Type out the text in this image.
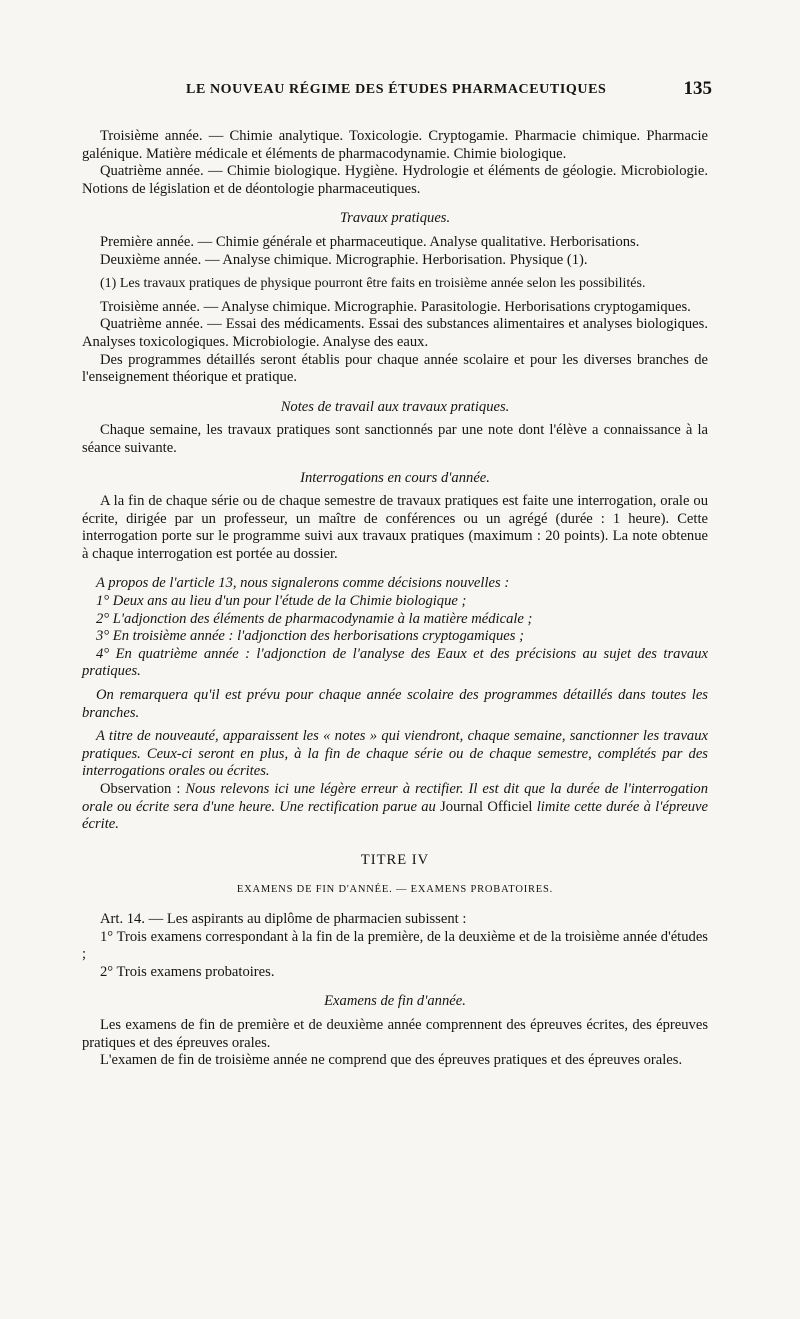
LE NOUVEAU RÉGIME DES ÉTUDES PHARMACEUTIQUES	135

Troisième année. — Chimie analytique. Toxicologie. Cryptogamie. Pharmacie chimique. Pharmacie galénique. Matière médicale et éléments de pharmacodynamie. Chimie biologique.

Quatrième année. — Chimie biologique. Hygiène. Hydrologie et éléments de géologie. Microbiologie. Notions de législation et de déontologie pharmaceutiques.

Travaux pratiques.

Première année. — Chimie générale et pharmaceutique. Analyse qualitative. Herborisations.

Deuxième année. — Analyse chimique. Micrographie. Herborisation. Physique (1).

(1) Les travaux pratiques de physique pourront être faits en troisième année selon les possibilités.

Troisième année. — Analyse chimique. Micrographie. Parasitologie. Herborisations cryptogamiques.

Quatrième année. — Essai des médicaments. Essai des substances alimentaires et analyses biologiques. Analyses toxicologiques. Microbiologie. Analyse des eaux.

Des programmes détaillés seront établis pour chaque année scolaire et pour les diverses branches de l'enseignement théorique et pratique.

Notes de travail aux travaux pratiques.

Chaque semaine, les travaux pratiques sont sanctionnés par une note dont l'élève a connaissance à la séance suivante.

Interrogations en cours d'année.

A la fin de chaque série ou de chaque semestre de travaux pratiques est faite une interrogation, orale ou écrite, dirigée par un professeur, un maître de conférences ou un agrégé (durée : 1 heure). Cette interrogation porte sur le programme suivi aux travaux pratiques (maximum : 20 points). La note obtenue à chaque interrogation est portée au dossier.

A propos de l'article 13, nous signalerons comme décisions nouvelles :

1° Deux ans au lieu d'un pour l'étude de la Chimie biologique ;

2° L'adjonction des éléments de pharmacodynamie à la matière médicale ;

3° En troisième année : l'adjonction des herborisations cryptogamiques ;

4° En quatrième année : l'adjonction de l'analyse des Eaux et des précisions au sujet des travaux pratiques.

On remarquera qu'il est prévu pour chaque année scolaire des programmes détaillés dans toutes les branches.

A titre de nouveauté, apparaissent les « notes » qui viendront, chaque semaine, sanctionner les travaux pratiques. Ceux-ci seront en plus, à la fin de chaque série ou de chaque semestre, complétés par des interrogations orales ou écrites.

Observation : Nous relevons ici une légère erreur à rectifier. Il est dit que la durée de l'interrogation orale ou écrite sera d'une heure. Une rectification parue au Journal Officiel limite cette durée à l'épreuve écrite.

TITRE IV

EXAMENS DE FIN D'ANNÉE. — EXAMENS PROBATOIRES.

Art. 14. — Les aspirants au diplôme de pharmacien subissent :

1° Trois examens correspondant à la fin de la première, de la deuxième et de la troisième année d'études ;

2° Trois examens probatoires.

Examens de fin d'année.

Les examens de fin de première et de deuxième année comprennent des épreuves écrites, des épreuves pratiques et des épreuves orales.

L'examen de fin de troisième année ne comprend que des épreuves pratiques et des épreuves orales.
